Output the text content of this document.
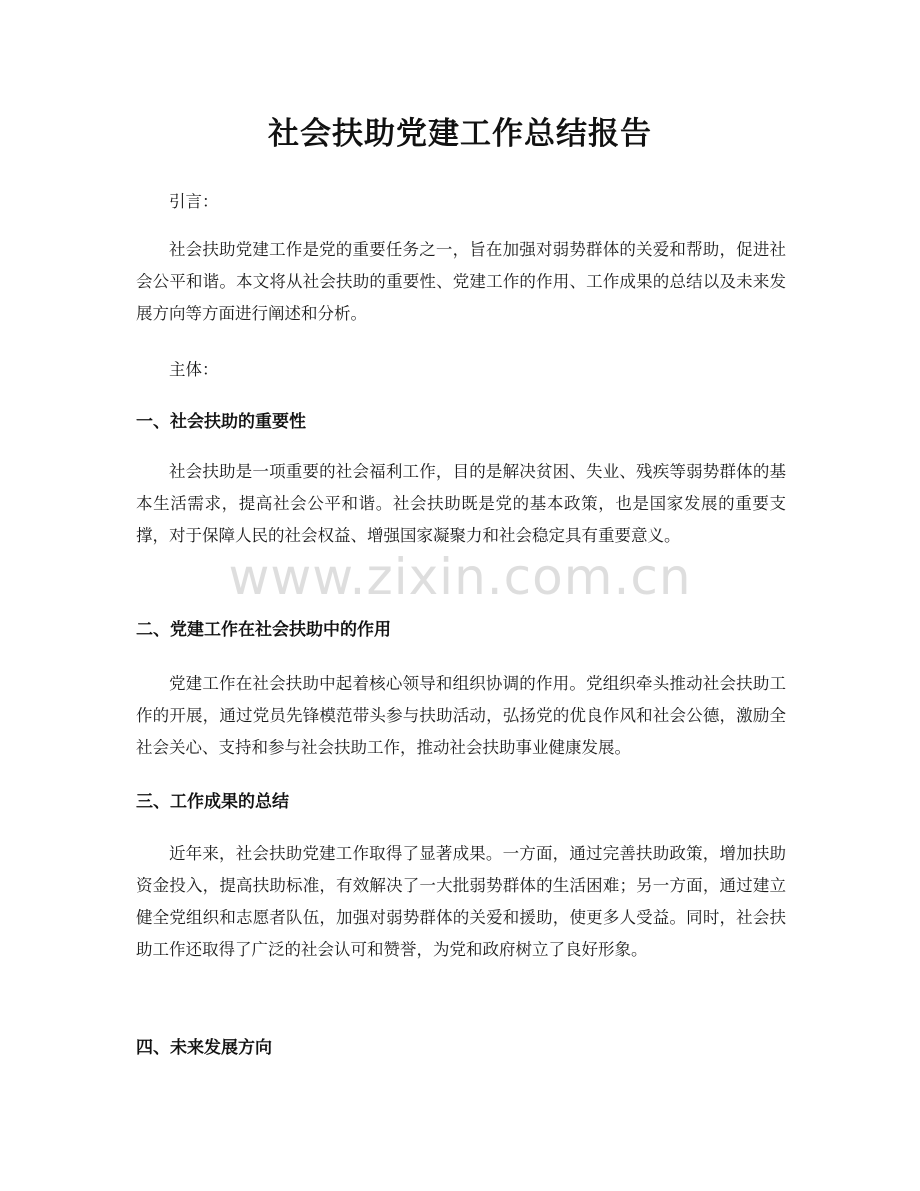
社会扶助党建工作总结报告

引言：

社会扶助党建工作是党的重要任务之一，旨在加强对弱势群体的关爱和帮助，促进社会公平和谐。本文将从社会扶助的重要性、党建工作的作用、工作成果的总结以及未来发展方向等方面进行阐述和分析。

主体：

一、社会扶助的重要性

社会扶助是一项重要的社会福利工作，目的是解决贫困、失业、残疾等弱势群体的基本生活需求，提高社会公平和谐。社会扶助既是党的基本政策，也是国家发展的重要支撑，对于保障人民的社会权益、增强国家凝聚力和社会稳定具有重要意义。

二、党建工作在社会扶助中的作用

党建工作在社会扶助中起着核心领导和组织协调的作用。党组织牵头推动社会扶助工作的开展，通过党员先锋模范带头参与扶助活动，弘扬党的优良作风和社会公德，激励全社会关心、支持和参与社会扶助工作，推动社会扶助事业健康发展。

三、工作成果的总结

近年来，社会扶助党建工作取得了显著成果。一方面，通过完善扶助政策，增加扶助资金投入，提高扶助标准，有效解决了一大批弱势群体的生活困难；另一方面，通过建立健全党组织和志愿者队伍，加强对弱势群体的关爱和援助，使更多人受益。同时，社会扶助工作还取得了广泛的社会认可和赞誉，为党和政府树立了良好形象。

四、未来发展方向
www.zixin.com.cn
